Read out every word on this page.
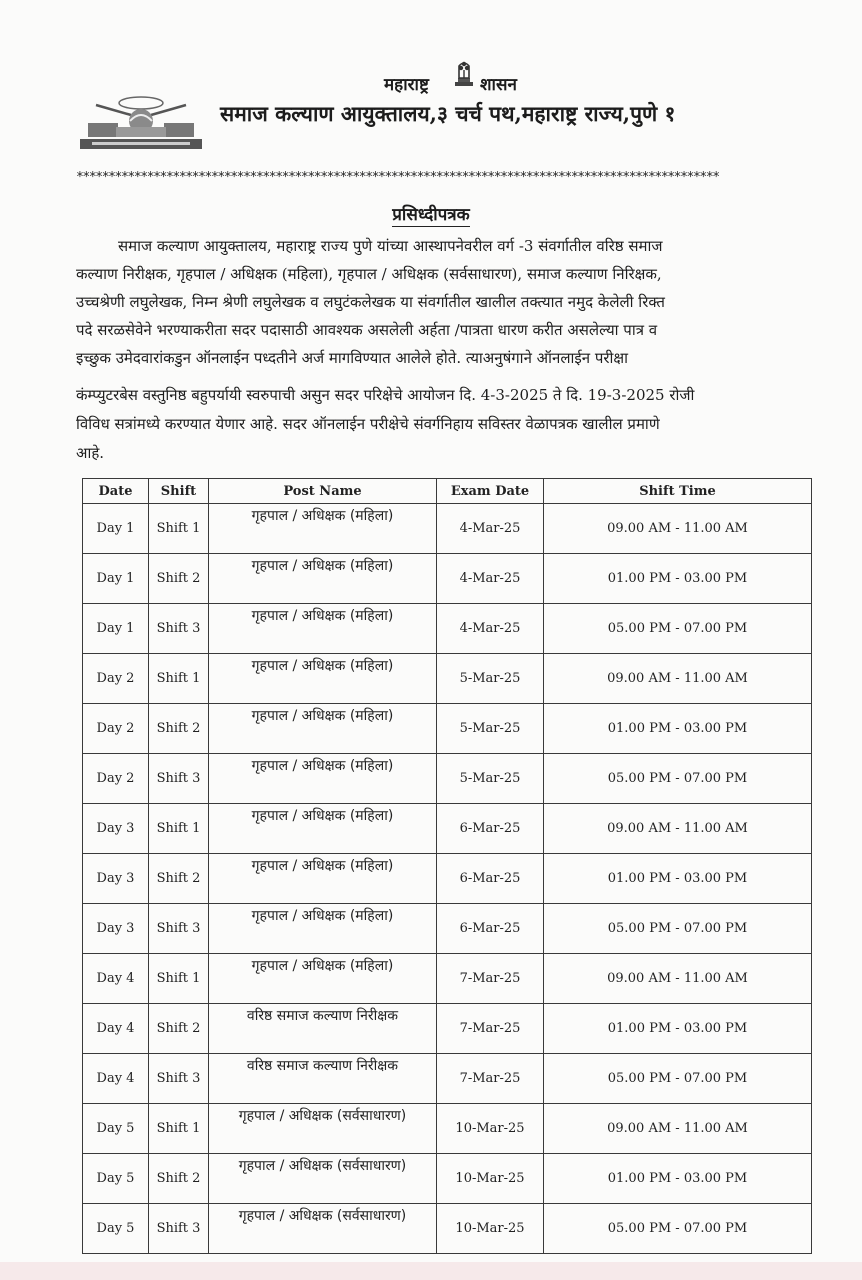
महाराष्ट्र	शासन
समाज कल्याण आयुक्तालय,३ चर्च पथ,महाराष्ट्र राज्य,पुणे १
****************************************************************************************************
प्रसिध्दीपत्रक
समाज कल्याण आयुक्तालय, महाराष्ट्र राज्य पुणे यांच्या आस्थापनेवरील वर्ग -3 संवर्गातील वरिष्ठ समाज
कल्याण निरीक्षक, गृहपाल / अधिक्षक (महिला), गृहपाल / अधिक्षक (सर्वसाधारण), समाज कल्याण निरिक्षक,
उच्चश्रेणी लघुलेखक, निम्न श्रेणी लघुलेखक व लघुटंकलेखक या संवर्गातील खालील तक्त्यात नमुद केलेली रिक्त
पदे सरळसेवेने भरण्याकरीता सदर पदासाठी आवश्यक असलेली अर्हता /पात्रता धारण करीत असलेल्या पात्र व
इच्छुक उमेदवारांकडुन ऑनलाईन पध्दतीने अर्ज मागविण्यात आलेले होते. त्याअनुषंगाने ऑनलाईन परीक्षा
कंम्प्युटरबेस वस्तुनिष्ठ बहुपर्यायी स्वरुपाची असुन सदर परिक्षेचे आयोजन दि. 4-3-2025 ते दि. 19-3-2025 रोजी
विविध सत्रांमध्ये करण्यात येणार आहे. सदर ऑनलाईन परीक्षेचे संवर्गनिहाय सविस्तर वेळापत्रक खालील प्रमाणे
आहे.
Date	Shift	Post Name	Exam Date	Shift Time
Day 1	Shift 1	गृहपाल / अधिक्षक (महिला)	4-Mar-25	09.00 AM - 11.00 AM
Day 1	Shift 2	गृहपाल / अधिक्षक (महिला)	4-Mar-25	01.00 PM - 03.00 PM
Day 1	Shift 3	गृहपाल / अधिक्षक (महिला)	4-Mar-25	05.00 PM - 07.00 PM
Day 2	Shift 1	गृहपाल / अधिक्षक (महिला)	5-Mar-25	09.00 AM - 11.00 AM
Day 2	Shift 2	गृहपाल / अधिक्षक (महिला)	5-Mar-25	01.00 PM - 03.00 PM
Day 2	Shift 3	गृहपाल / अधिक्षक (महिला)	5-Mar-25	05.00 PM - 07.00 PM
Day 3	Shift 1	गृहपाल / अधिक्षक (महिला)	6-Mar-25	09.00 AM - 11.00 AM
Day 3	Shift 2	गृहपाल / अधिक्षक (महिला)	6-Mar-25	01.00 PM - 03.00 PM
Day 3	Shift 3	गृहपाल / अधिक्षक (महिला)	6-Mar-25	05.00 PM - 07.00 PM
Day 4	Shift 1	गृहपाल / अधिक्षक (महिला)	7-Mar-25	09.00 AM - 11.00 AM
Day 4	Shift 2	वरिष्ठ समाज कल्याण निरीक्षक	7-Mar-25	01.00 PM - 03.00 PM
Day 4	Shift 3	वरिष्ठ समाज कल्याण निरीक्षक	7-Mar-25	05.00 PM - 07.00 PM
Day 5	Shift 1	गृहपाल / अधिक्षक (सर्वसाधारण)	10-Mar-25	09.00 AM - 11.00 AM
Day 5	Shift 2	गृहपाल / अधिक्षक (सर्वसाधारण)	10-Mar-25	01.00 PM - 03.00 PM
Day 5	Shift 3	गृहपाल / अधिक्षक (सर्वसाधारण)	10-Mar-25	05.00 PM - 07.00 PM
